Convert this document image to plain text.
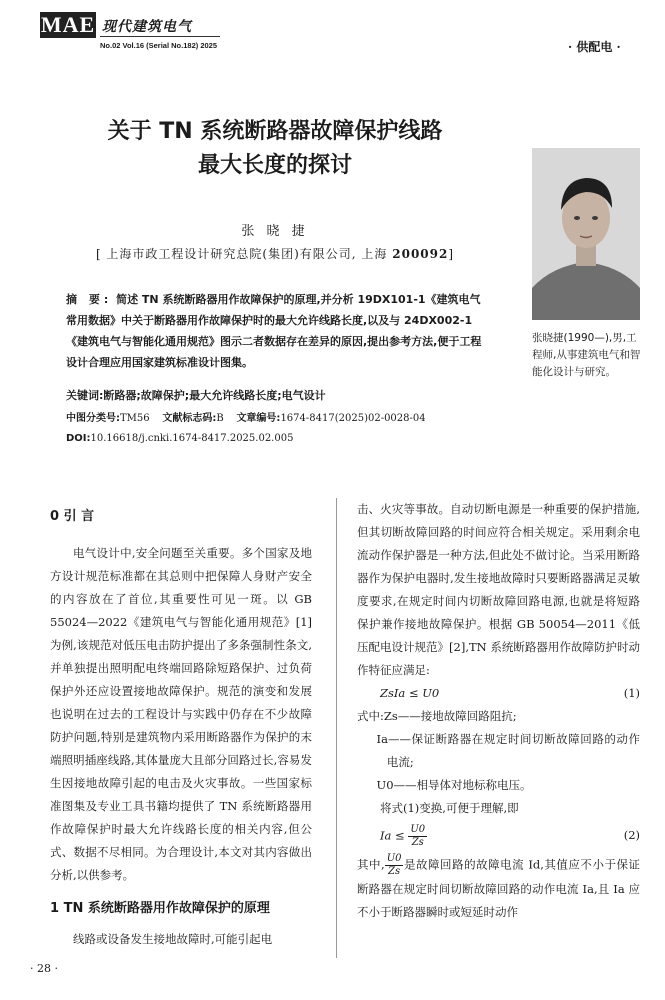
MAE 现代建筑电气
No.02 Vol.16 (Serial No.182) 2025	· 供配电 ·
关于 TN 系统断路器故障保护线路
最大长度的探讨
张 晓 捷
[ 上海市政工程设计研究总院(集团)有限公司, 上海 200092]
张晓捷(1990—),男,工程师,从事建筑电气和智能化设计与研究。
摘 要: 简述 TN 系统断路器用作故障保护的原理,并分析 19DX101-1《建筑电气常用数据》中关于断路器用作故障保护时的最大允许线路长度,以及与 24DX002-1《建筑电气与智能化通用规范》图示二者数据存在差异的原因,提出参考方法,便于工程设计合理应用国家建筑标准设计图集。
关键词:断路器;故障保护;最大允许线路长度;电气设计
中图分类号:TM56 文献标志码:B 文章编号:1674-8417(2025)02-0028-04
DOI:10.16618/j.cnki.1674-8417.2025.02.005
0 引 言
电气设计中,安全问题至关重要。多个国家及地方设计规范标准都在其总则中把保障人身财产安全的内容放在了首位,其重要性可见一斑。以 GB 55024—2022《建筑电气与智能化通用规范》[1] 为例,该规范对低压电击防护提出了多条强制性条文,并单独提出照明配电终端回路除短路保护、过负荷保护外还应设置接地故障保护。规范的演变和发展也说明在过去的工程设计与实践中仍存在不少故障防护问题,特别是建筑物内采用断路器作为保护的末端照明插座线路,其体量庞大且部分回路过长,容易发生因接地故障引起的电击及火灾事故。一些国家标准图集及专业工具书籍均提供了 TN 系统断路器用作故障保护时最大允许线路长度的相关内容,但公式、数据不尽相同。为合理设计,本文对其内容做出分析,以供参考。
1 TN 系统断路器用作故障保护的原理
线路或设备发生接地故障时,可能引起电
击、火灾等事故。自动切断电源是一种重要的保护措施,但其切断故障回路的时间应符合相关规定。采用剩余电流动作保护器是一种方法,但此处不做讨论。当采用断路器作为保护电器时,发生接地故障时只要断路器满足灵敏度要求,在规定时间内切断故障回路电源,也就是将短路保护兼作接地故障保护。根据 GB 50054—2011《低压配电设计规范》[2],TN 系统断路器用作故障防护时动作特征应满足:
ZsIa ≤ U0	(1)
式中:Zs——接地故障回路阻抗;
Ia——保证断路器在规定时间切断故障回路的动作电流;
U0——相导体对地标称电压。
将式(1)变换,可便于理解,即
$Ia \le \frac{U0}{Zs}$	(2)
其中, $\frac{U0}{Zs}$ 是故障回路的故障电流 Id,其值应不小于保证断路器在规定时间切断故障回路的动作电流 Ia,且 Ia 应不小于断路器瞬时或短延时动作
· 28 ·
